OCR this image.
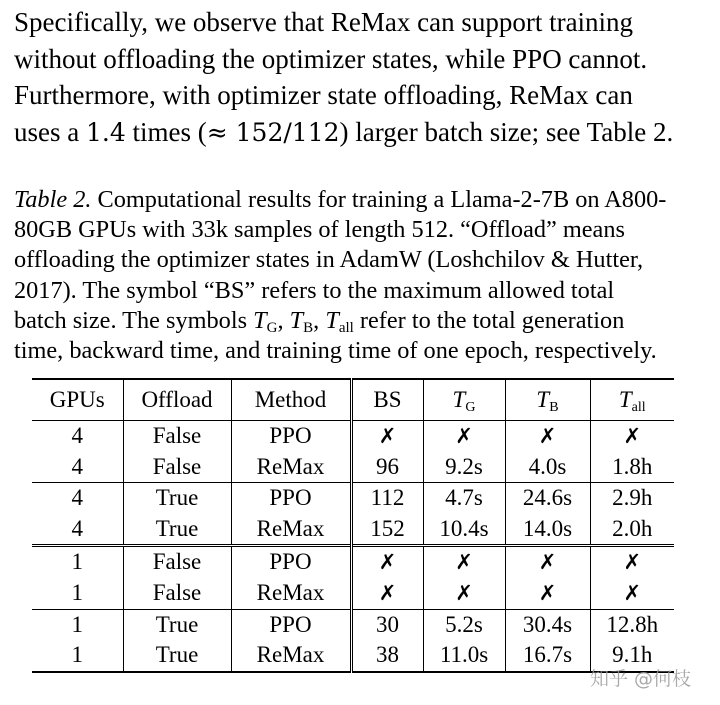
Specifically, we observe that ReMax can support training

without offloading the optimizer states, while PPO cannot.

Furthermore, with optimizer state offloading, ReMax can

uses a 1.4 times (≈ 152/112) larger batch size; see Table 2.

Table 2. Computational results for training a Llama-2-7B on A800-

80GB GPUs with 33k samples of length 512. “Offload” means

offloading the optimizer states in AdamW (Loshchilov & Hutter,

2017). The symbol “BS” refers to the maximum allowed total

batch size. The symbols $T_G$, $T_B$, $T_{all}$ refer to the total generation

time, backward time, and training time of one epoch, respectively.

GPUs	Offload	Method	BS	$T_G$	$T_B$	$T_{all}$
4	False	PPO	✗	✗	✗	✗
4	False	ReMax	96	9.2s	4.0s	1.8h
4	True	PPO	112	4.7s	24.6s	2.9h
4	True	ReMax	152	10.4s	14.0s	2.0h
1	False	PPO	✗	✗	✗	✗
1	False	ReMax	✗	✗	✗	✗
1	True	PPO	30	5.2s	30.4s	12.8h
1	True	ReMax	38	11.0s	16.7s	9.1h
知乎 @何枝
